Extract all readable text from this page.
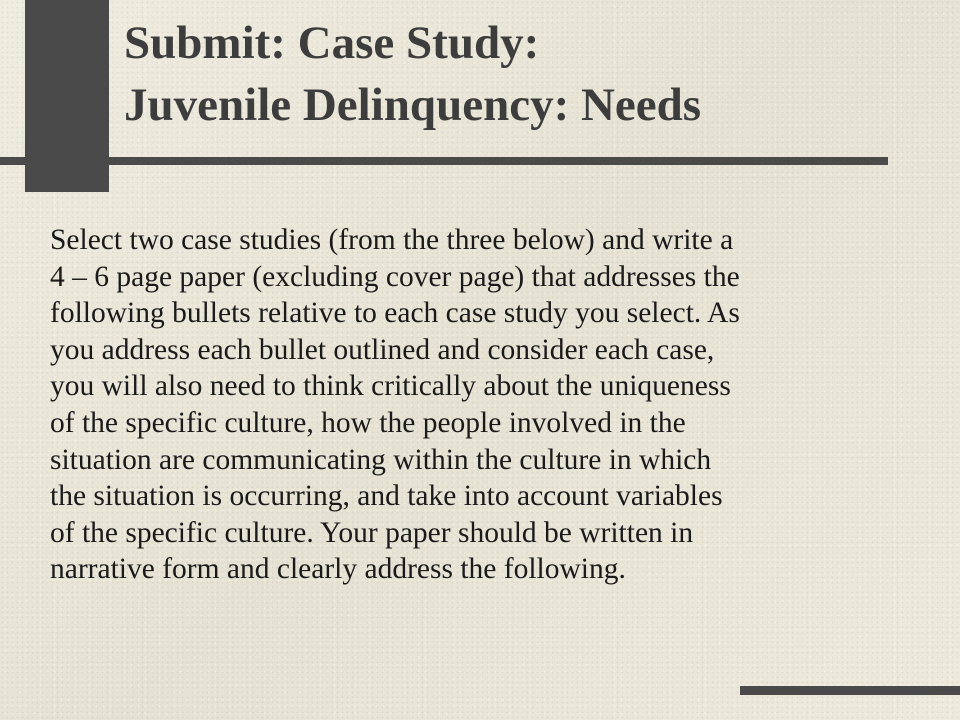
Submit: Case Study:
Juvenile Delinquency: Needs
Select two case studies (from the three below) and write a
4 – 6 page paper (excluding cover page) that addresses the
following bullets relative to each case study you select. As
you address each bullet outlined and consider each case,
you will also need to think critically about the uniqueness
of the specific culture, how the people involved in the
situation are communicating within the culture in which
the situation is occurring, and take into account variables
of the specific culture. Your paper should be written in
narrative form and clearly address the following.
